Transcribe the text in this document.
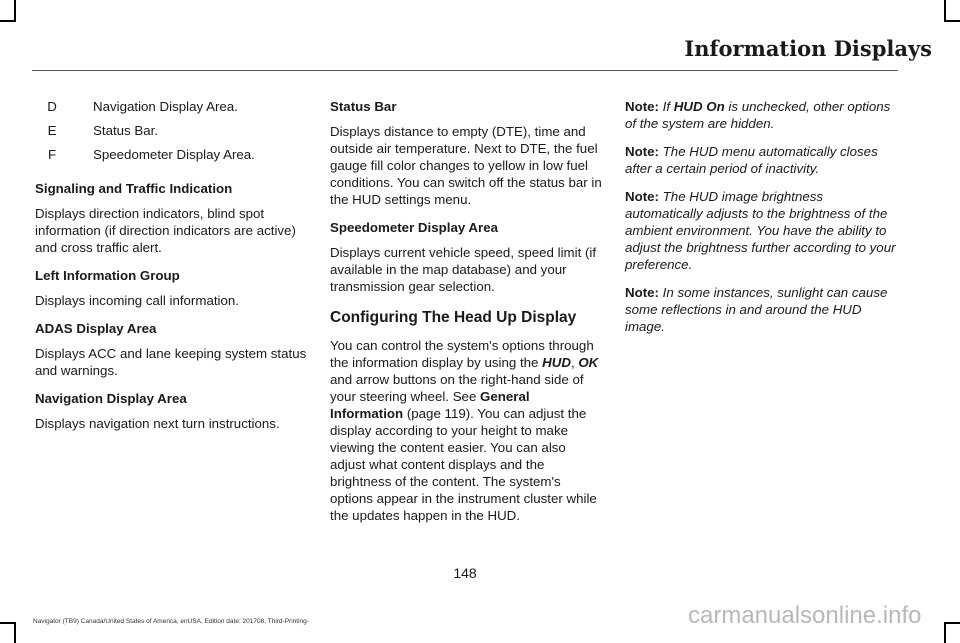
Information Displays
D	Navigation Display Area.
E	Status Bar.
F	Speedometer Display Area.

Signaling and Traffic Indication

Displays direction indicators, blind spot information (if direction indicators are active) and cross traffic alert.

Left Information Group

Displays incoming call information.

ADAS Display Area

Displays ACC and lane keeping system status and warnings.

Navigation Display Area

Displays navigation next turn instructions.

Status Bar

Displays distance to empty (DTE), time and outside air temperature. Next to DTE, the fuel gauge fill color changes to yellow in low fuel conditions. You can switch off the status bar in the HUD settings menu.

Speedometer Display Area

Displays current vehicle speed, speed limit (if available in the map database) and your transmission gear selection.

Configuring The Head Up Display

You can control the system's options through the information display by using the HUD, OK and arrow buttons on the right-hand side of your steering wheel. See General Information (page 119). You can adjust the display according to your height to make viewing the content easier. You can also adjust what content displays and the brightness of the content. The system's options appear in the instrument cluster while the updates happen in the HUD.

Note: If HUD On is unchecked, other options of the system are hidden.

Note: The HUD menu automatically closes after a certain period of inactivity.

Note: The HUD image brightness automatically adjusts to the brightness of the ambient environment. You have the ability to adjust the brightness further according to your preference.

Note: In some instances, sunlight can cause some reflections in and around the HUD image.

148
Navigator (TB9) Canada/United States of America, enUSA, Edition date: 201708, Third-Printing-	carmanualsonline.info
